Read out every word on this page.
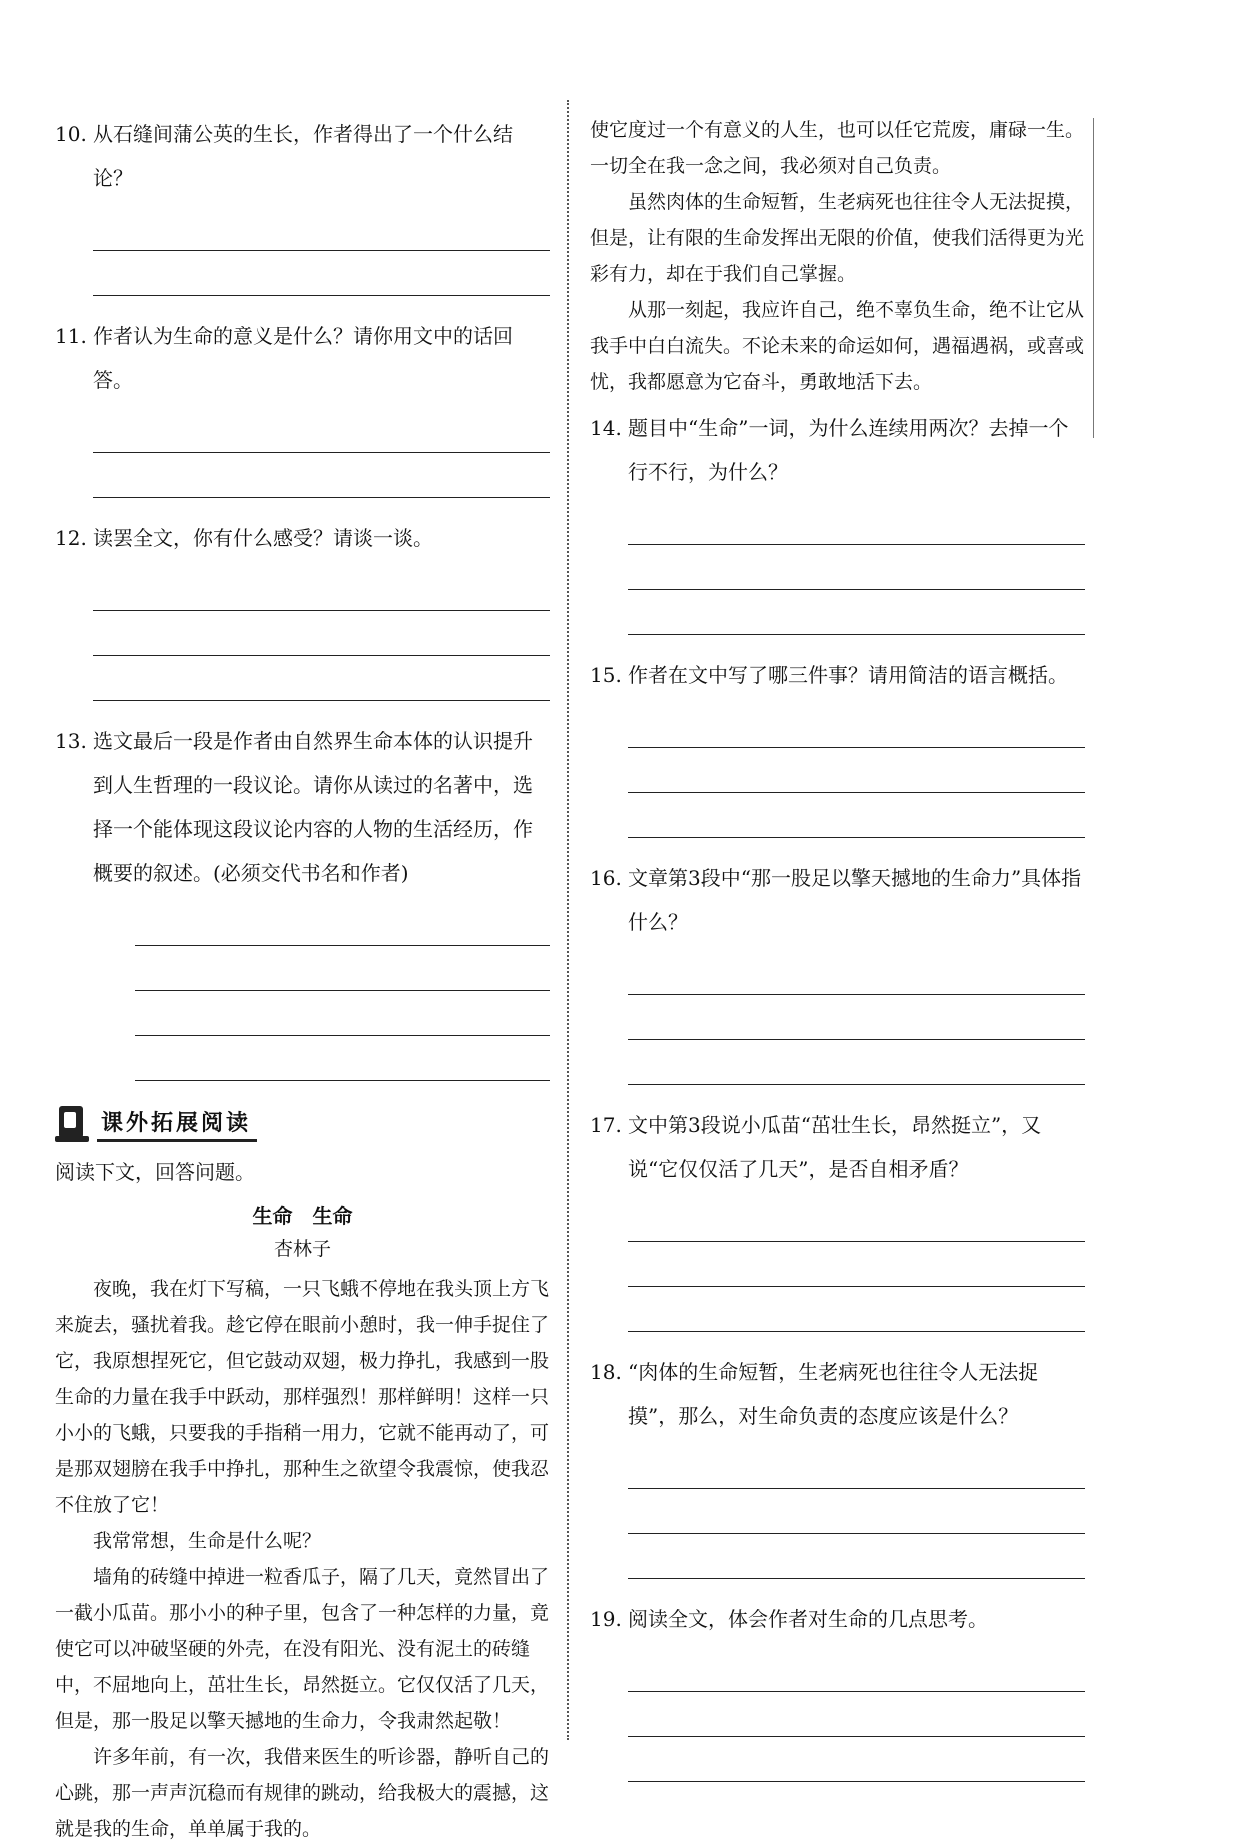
10. 从石缝间蒲公英的生长，作者得出了一个什么结论？
11. 作者认为生命的意义是什么？请你用文中的话回答。
12. 读罢全文，你有什么感受？请谈一谈。
13. 选文最后一段是作者由自然界生命本体的认识提升到人生哲理的一段议论。请你从读过的名著中，选择一个能体现这段议论内容的人物的生活经历，作概要的叙述。(必须交代书名和作者)
课外拓展阅读
阅读下文，回答问题。
生命　生命
杏林子

夜晚，我在灯下写稿，一只飞蛾不停地在我头顶上方飞来旋去，骚扰着我。趁它停在眼前小憩时，我一伸手捉住了它，我原想捏死它，但它鼓动双翅，极力挣扎，我感到一股生命的力量在我手中跃动，那样强烈！那样鲜明！这样一只小小的飞蛾，只要我的手指稍一用力，它就不能再动了，可是那双翅膀在我手中挣扎，那种生之欲望令我震惊，使我忍不住放了它！

我常常想，生命是什么呢？

墙角的砖缝中掉进一粒香瓜子，隔了几天，竟然冒出了一截小瓜苗。那小小的种子里，包含了一种怎样的力量，竟使它可以冲破坚硬的外壳，在没有阳光、没有泥土的砖缝中，不屈地向上，茁壮生长，昂然挺立。它仅仅活了几天，但是，那一股足以擎天撼地的生命力，令我肃然起敬！

许多年前，有一次，我借来医生的听诊器，静听自己的心跳，那一声声沉稳而有规律的跳动，给我极大的震撼，这就是我的生命，单单属于我的。

使它度过一个有意义的人生，也可以任它荒废，庸碌一生。一切全在我一念之间，我必须对自己负责。

虽然肉体的生命短暂，生老病死也往往令人无法捉摸，但是，让有限的生命发挥出无限的价值，使我们活得更为光彩有力，却在于我们自己掌握。

从那一刻起，我应许自己，绝不辜负生命，绝不让它从我手中白白流失。不论未来的命运如何，遇福遇祸，或喜或忧，我都愿意为它奋斗，勇敢地活下去。

14. 题目中“生命”一词，为什么连续用两次？去掉一个行不行，为什么？
15. 作者在文中写了哪三件事？请用简洁的语言概括。
16. 文章第3段中“那一股足以擎天撼地的生命力”具体指什么？
17. 文中第3段说小瓜苗“茁壮生长，昂然挺立”，又说“它仅仅活了几天”，是否自相矛盾？
18. “肉体的生命短暂，生老病死也往往令人无法捉摸”，那么，对生命负责的态度应该是什么？
19. 阅读全文，体会作者对生命的几点思考。
